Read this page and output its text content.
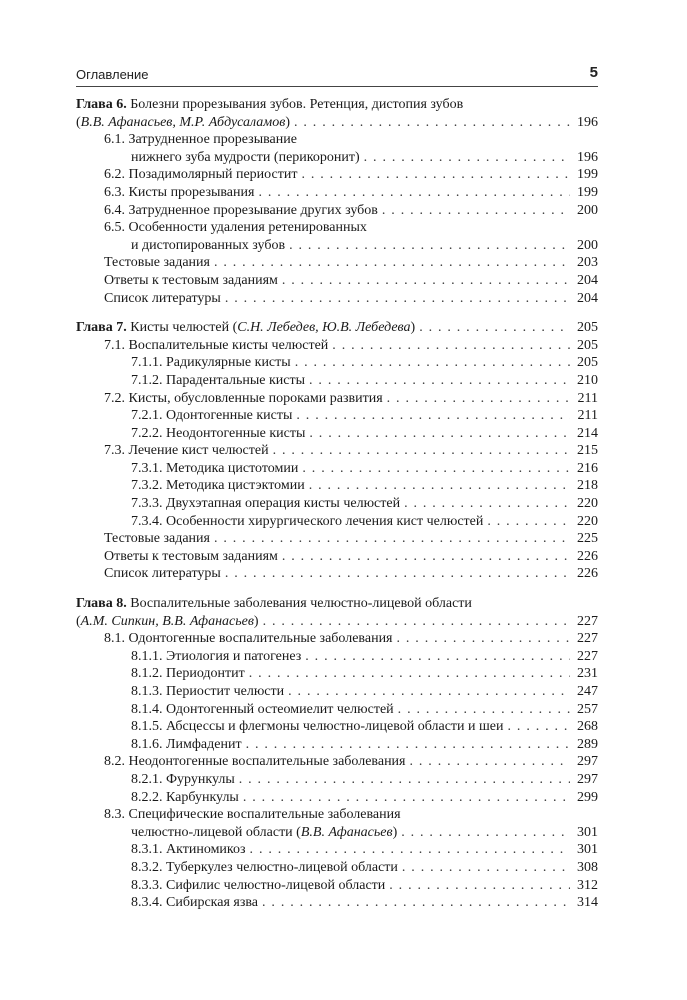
Оглавление	5
Глава 6. Болезни прорезывания зубов. Ретенция, дистопия зубов
(В.В. Афанасьев, М.Р. Абдусаламов) . . .	196
6.1. Затрудненное прорезывание
нижнего зуба мудрости (перикоронит) . . .	196
6.2. Позадимолярный периостит . . .	199
6.3. Кисты прорезывания . . .	199
6.4. Затрудненное прорезывание других зубов . . .	200
6.5. Особенности удаления ретенированных
и дистопированных зубов . . .	200
Тестовые задания . . .	203
Ответы к тестовым заданиям . . .	204
Список литературы . . .	204
Глава 7. Кисты челюстей (С.Н. Лебедев, Ю.В. Лебедева) . . .	205
7.1. Воспалительные кисты челюстей . . .	205
7.1.1. Радикулярные кисты . . .	205
7.1.2. Парадентальные кисты . . .	210
7.2. Кисты, обусловленные пороками развития . . .	211
7.2.1. Одонтогенные кисты . . .	211
7.2.2. Неодонтогенные кисты . . .	214
7.3. Лечение кист челюстей . . .	215
7.3.1. Методика цистотомии . . .	216
7.3.2. Методика цистэктомии . . .	218
7.3.3. Двухэтапная операция кисты челюстей . . .	220
7.3.4. Особенности хирургического лечения кист челюстей . . .	220
Тестовые задания . . .	225
Ответы к тестовым заданиям . . .	226
Список литературы . . .	226
Глава 8. Воспалительные заболевания челюстно-лицевой области
(А.М. Сипкин, В.В. Афанасьев) . . .	227
8.1. Одонтогенные воспалительные заболевания . . .	227
8.1.1. Этиология и патогенез . . .	227
8.1.2. Периодонтит . . .	231
8.1.3. Периостит челюсти . . .	247
8.1.4. Одонтогенный остеомиелит челюстей . . .	257
8.1.5. Абсцессы и флегмоны челюстно-лицевой области и шеи . . .	268
8.1.6. Лимфаденит . . .	289
8.2. Неодонтогенные воспалительные заболевания . . .	297
8.2.1. Фурункулы . . .	297
8.2.2. Карбункулы . . .	299
8.3. Специфические воспалительные заболевания
челюстно-лицевой области (В.В. Афанасьев) . . .	301
8.3.1. Актиномикоз . . .	301
8.3.2. Туберкулез челюстно-лицевой области . . .	308
8.3.3. Сифилис челюстно-лицевой области . . .	312
8.3.4. Сибирская язва . . .	314
